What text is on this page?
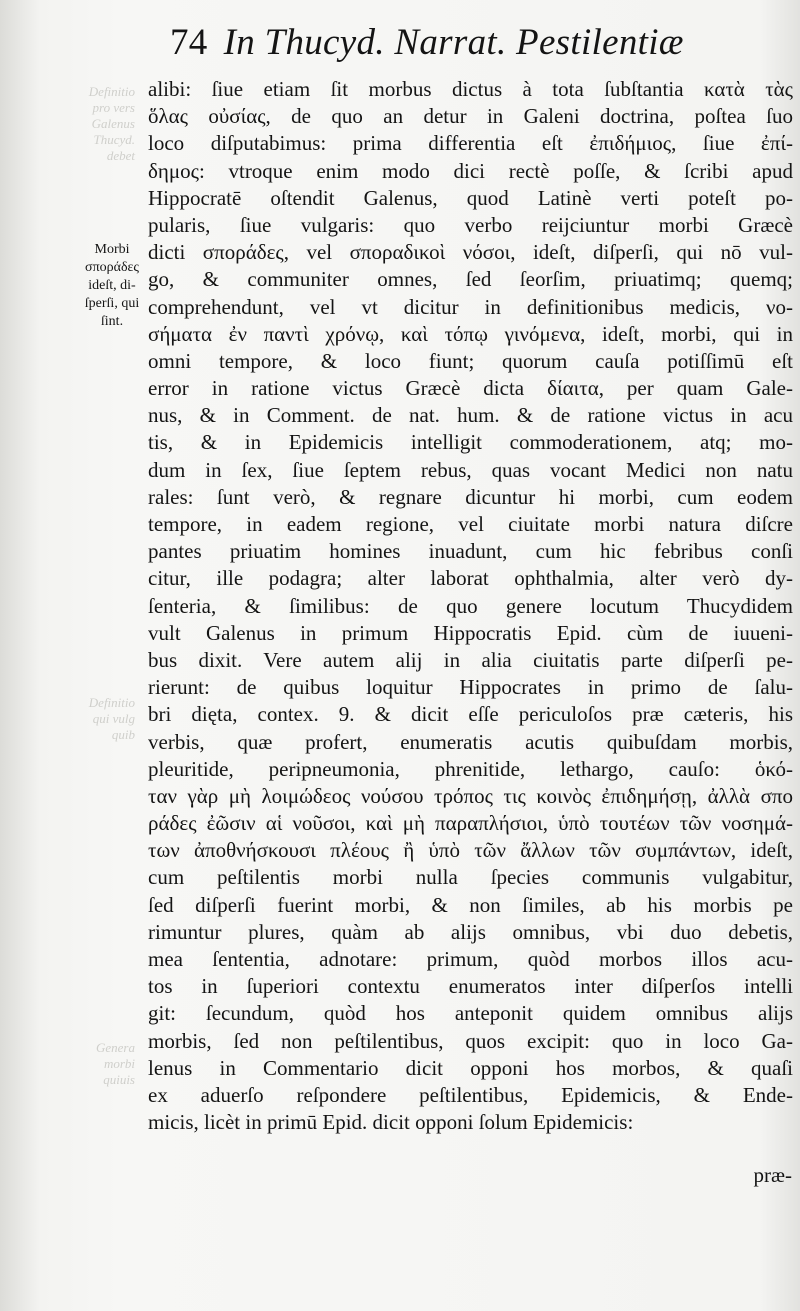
Definitio
pro vers
Galenus
Thucyd.
debet
Definitio
qui vulg
quib
Genera
morbi
quiuis
74 In Thucyd. Narrat. Pestilentiæ
Morbi
σποράδες
ideſt, di-
ſperſi, qui
ſint.
alibi: ſiue etiam ſit morbus dictus à tota ſubſtantia κατὰ τὰς
ὅλας οὐσίας, de quo an detur in Galeni doctrina, poſtea ſuo
loco diſputabimus: prima differentia eſt ἐπιδήμιος, ſiue ἐπί-
δημος: vtroque enim modo dici rectè poſſe, & ſcribi apud
Hippocratē oſtendit Galenus, quod Latinè verti poteſt po-
pularis, ſiue vulgaris: quo verbo reijciuntur morbi Græcè
dicti σποράδες, vel σποραδικοὶ νόσοι, ideſt, diſperſi, qui nō vul-
go, & communiter omnes, ſed ſeorſim, priuatimq; quemq;
comprehendunt, vel vt dicitur in definitionibus medicis, νο-
σήματα ἐν παντὶ χρόνῳ, καὶ τόπῳ γινόμενα, ideſt, morbi, qui in
omni tempore, & loco fiunt; quorum cauſa potiſſimū eſt
error in ratione victus Græcè dicta δίαιτα, per quam Gale-
nus, & in Comment. de nat. hum. & de ratione victus in acu
tis, & in Epidemicis intelligit commoderationem, atq; mo-
dum in ſex, ſiue ſeptem rebus, quas vocant Medici non natu
rales: ſunt verò, & regnare dicuntur hi morbi, cum eodem
tempore, in eadem regione, vel ciuitate morbi natura diſcre
pantes priuatim homines inuadunt, cum hic febribus conſi
citur, ille podagra; alter laborat ophthalmia, alter verò dy-
ſenteria, & ſimilibus: de quo genere locutum Thucydidem
vult Galenus in primum Hippocratis Epid. cùm de iuueni-
bus dixit. Vere autem alij in alia ciuitatis parte diſperſi pe-
rierunt: de quibus loquitur Hippocrates in primo de ſalu-
bri dięta, contex. 9. & dicit eſſe periculoſos præ cæteris, his
verbis, quæ profert, enumeratis acutis quibuſdam morbis,
pleuritide, peripneumonia, phrenitide, lethargo, cauſo: ὁκό-
ταν γὰρ μὴ λοιμώδεος νούσου τρόπος τις κοινὸς ἐπιδημήσῃ, ἀλλὰ σπο
ράδες ἐῶσιν αἱ νοῦσοι, καὶ μὴ παραπλήσιοι, ὑπὸ τουτέων τῶν νοσημά-
των ἀποθνήσκουσι πλέους ἢ ὑπὸ τῶν ἄλλων τῶν συμπάντων, ideſt,
cum peſtilentis morbi nulla ſpecies communis vulgabitur,
ſed diſperſi fuerint morbi, & non ſimiles, ab his morbis pe
rimuntur plures, quàm ab alijs omnibus, vbi duo debetis,
mea ſententia, adnotare: primum, quòd morbos illos acu-
tos in ſuperiori contextu enumeratos inter diſperſos intelli
git: ſecundum, quòd hos anteponit quidem omnibus alijs
morbis, ſed non peſtilentibus, quos excipit: quo in loco Ga-
lenus in Commentario dicit opponi hos morbos, & quaſi
ex aduerſo reſpondere peſtilentibus, Epidemicis, & Ende-
micis, licèt in primū Epid. dicit opponi ſolum Epidemicis:
præ-
